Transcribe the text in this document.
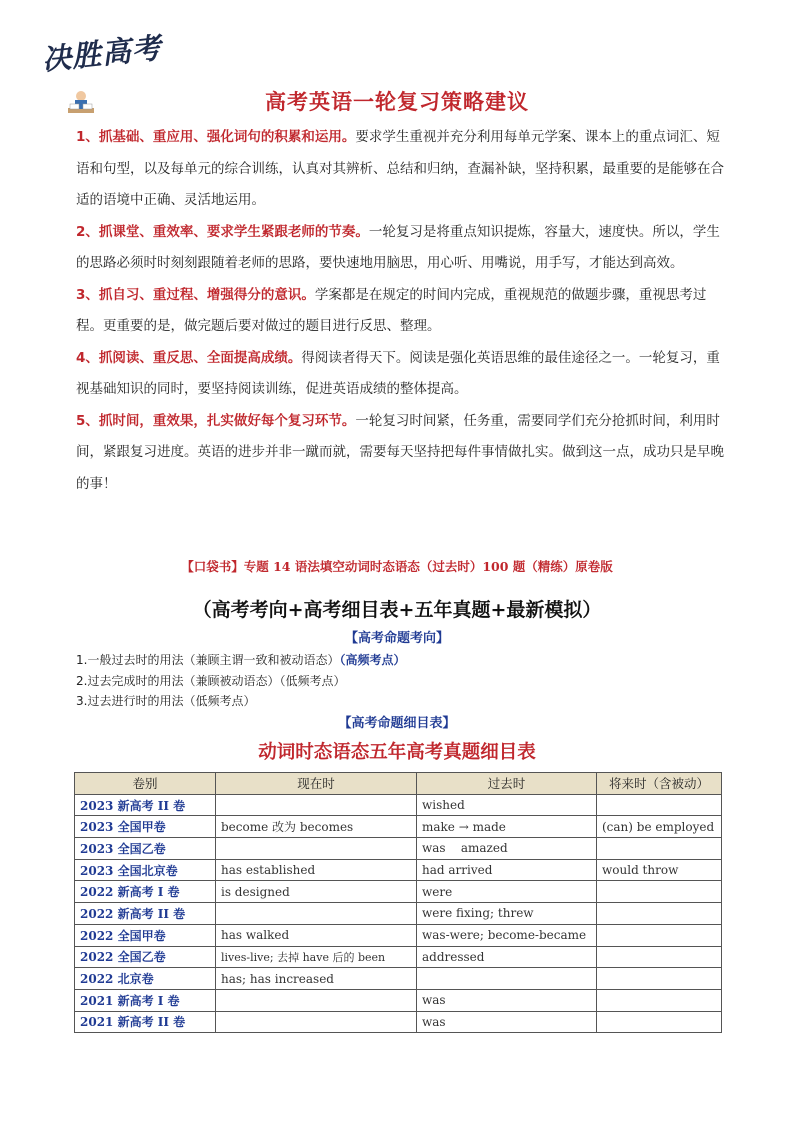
决胜高考
高考英语一轮复习策略建议

1、抓基础、重应用、强化词句的积累和运用。要求学生重视并充分利用每单元学案、课本上的重点词汇、短语和句型，以及每单元的综合训练，认真对其辨析、总结和归纳，查漏补缺，坚持积累，最重要的是能够在合适的语境中正确、灵活地运用。

2、抓课堂、重效率、要求学生紧跟老师的节奏。一轮复习是将重点知识提炼，容量大，速度快。所以，学生的思路必须时时刻刻跟随着老师的思路，要快速地用脑思，用心听、用嘴说，用手写，才能达到高效。

3、抓自习、重过程、增强得分的意识。学案都是在规定的时间内完成，重视规范的做题步骤，重视思考过程。更重要的是，做完题后要对做过的题目进行反思、整理。

4、抓阅读、重反思、全面提高成绩。得阅读者得天下。阅读是强化英语思维的最佳途径之一。一轮复习，重视基础知识的同时，要坚持阅读训练，促进英语成绩的整体提高。

5、抓时间，重效果，扎实做好每个复习环节。一轮复习时间紧，任务重，需要同学们充分抢抓时间，利用时间，紧跟复习进度。英语的进步并非一蹴而就，需要每天坚持把每件事情做扎实。做到这一点，成功只是早晚的事！

【口袋书】专题 14 语法填空动词时态语态（过去时）100 题（精练）原卷版
（高考考向+高考细目表+五年真题+最新模拟）
【高考命题考向】
1.一般过去时的用法（兼顾主谓一致和被动语态）（高频考点）
2.过去完成时的用法（兼顾被动语态）（低频考点）
3.过去进行时的用法（低频考点）
【高考命题细目表】
动词时态语态五年高考真题细目表
卷别	现在时	过去时	将来时（含被动）
2023 新高考 II 卷		wished	
2023 全国甲卷	become 改为 becomes	make → made	(can) be employed
2023 全国乙卷		was    amazed	
2023 全国北京卷	has established	had arrived	would throw
2022 新高考 I 卷	is designed	were	
2022 新高考 II 卷		were fixing; threw	
2022 全国甲卷	has walked	was-were; become-became	
2022 全国乙卷	lives-live; 去掉 have 后的 been	addressed	
2022 北京卷	has; has increased		
2021 新高考 I 卷		was	
2021 新高考 II 卷		was	
